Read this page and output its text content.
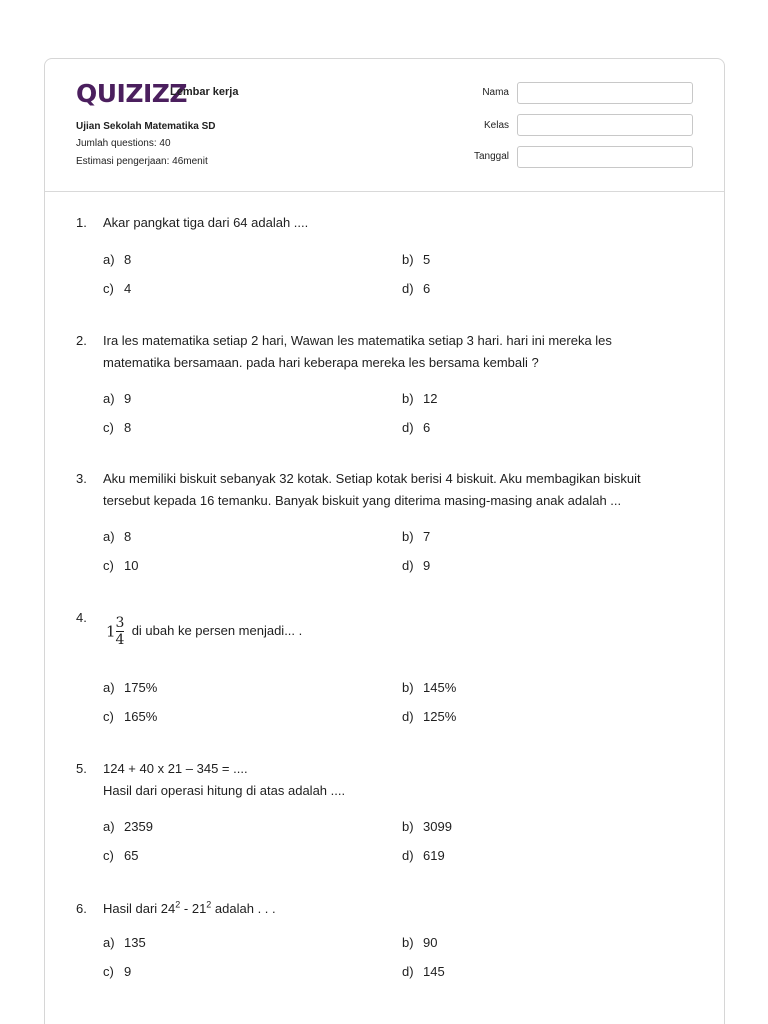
QUIZIZZ
Lembar kerja
Ujian Sekolah Matematika SD
Jumlah questions: 40
Estimasi pengerjaan: 46menit
Nama
Kelas
Tanggal
1. Akar pangkat tiga dari 64 adalah ....
a) 8	b) 5
c) 4	d) 6
2. Ira les matematika setiap 2 hari, Wawan les matematika setiap 3 hari. hari ini mereka les matematika bersamaan. pada hari keberapa mereka les bersama kembali ?
a) 9	b) 12
c) 8	d) 6
3. Aku memiliki biskuit sebanyak 32 kotak. Setiap kotak berisi 4 biskuit. Aku membagikan biskuit tersebut kepada 16 temanku. Banyak biskuit yang diterima masing-masing anak adalah ...
a) 8	b) 7
c) 10	d) 9
4.
$1 \frac{3}{4}$ di ubah ke persen menjadi... .
a) 175%	b) 145%
c) 165%	d) 125%
5. 124 + 40 x 21 – 345 = ....
Hasil dari operasi hitung di atas adalah ....
a) 2359	b) 3099
c) 65	d) 619
6. Hasil dari $24^2 - 21^2$ adalah . . .
a) 135	b) 90
c) 9	d) 145
